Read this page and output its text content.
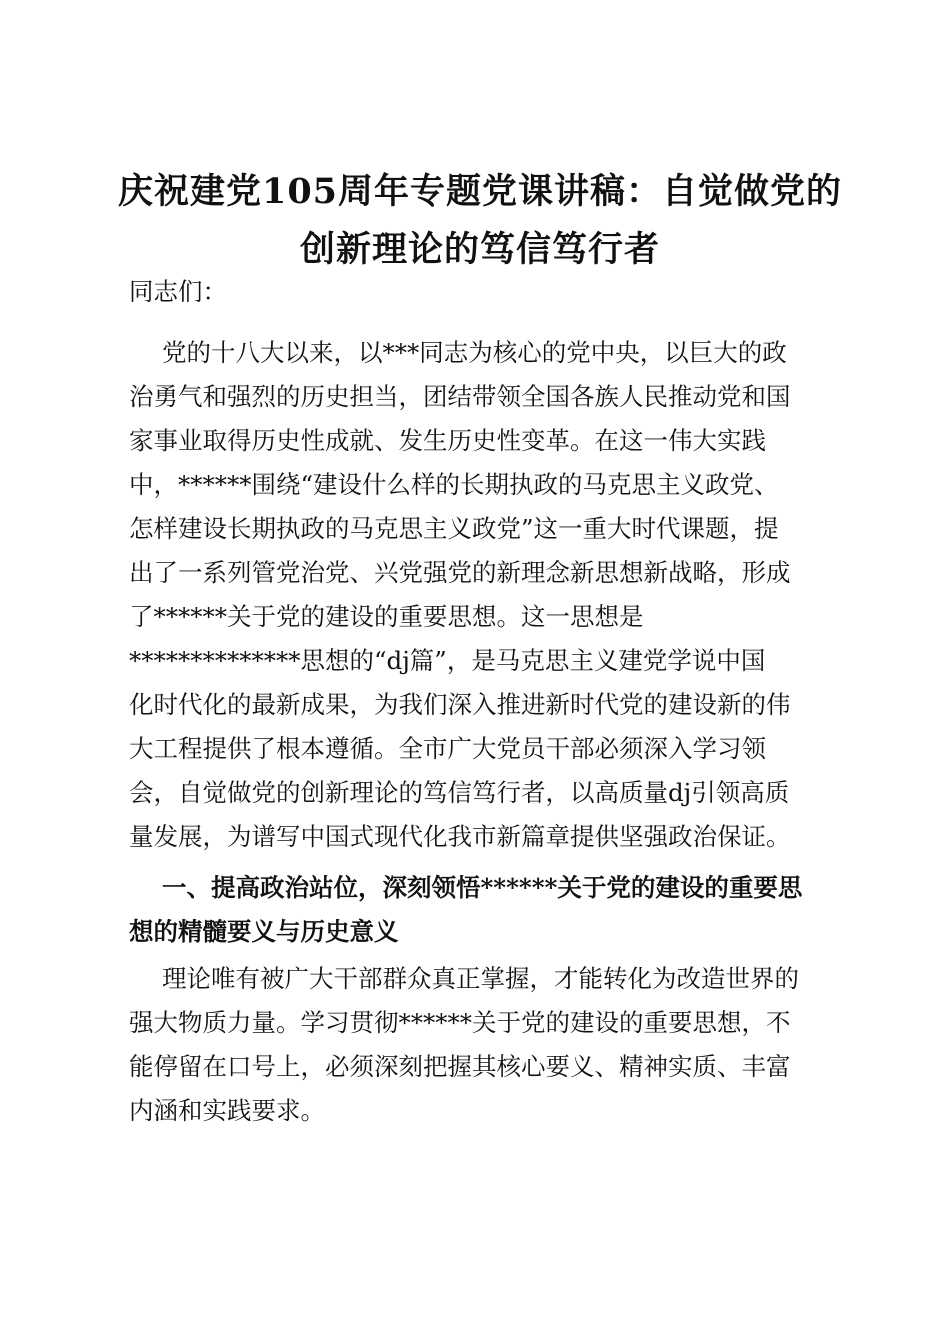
庆祝建党105周年专题党课讲稿：自觉做党的
创新理论的笃信笃行者

同志们：

党的十八大以来，以***同志为核心的党中央，以巨大的政

治勇气和强烈的历史担当，团结带领全国各族人民推动党和国

家事业取得历史性成就、发生历史性变革。在这一伟大实践

中，******围绕“建设什么样的长期执政的马克思主义政党、

怎样建设长期执政的马克思主义政党”这一重大时代课题，提

出了一系列管党治党、兴党强党的新理念新思想新战略，形成

了******关于党的建设的重要思想。这一思想是

**************思想的“dj篇”，是马克思主义建党学说中国

化时代化的最新成果，为我们深入推进新时代党的建设新的伟

大工程提供了根本遵循。全市广大党员干部必须深入学习领

会，自觉做党的创新理论的笃信笃行者，以高质量dj引领高质

量发展，为谱写中国式现代化我市新篇章提供坚强政治保证。

一、提高政治站位，深刻领悟******关于党的建设的重要思

想的精髓要义与历史意义

理论唯有被广大干部群众真正掌握，才能转化为改造世界的

强大物质力量。学习贯彻******关于党的建设的重要思想，不

能停留在口号上，必须深刻把握其核心要义、精神实质、丰富

内涵和实践要求。
